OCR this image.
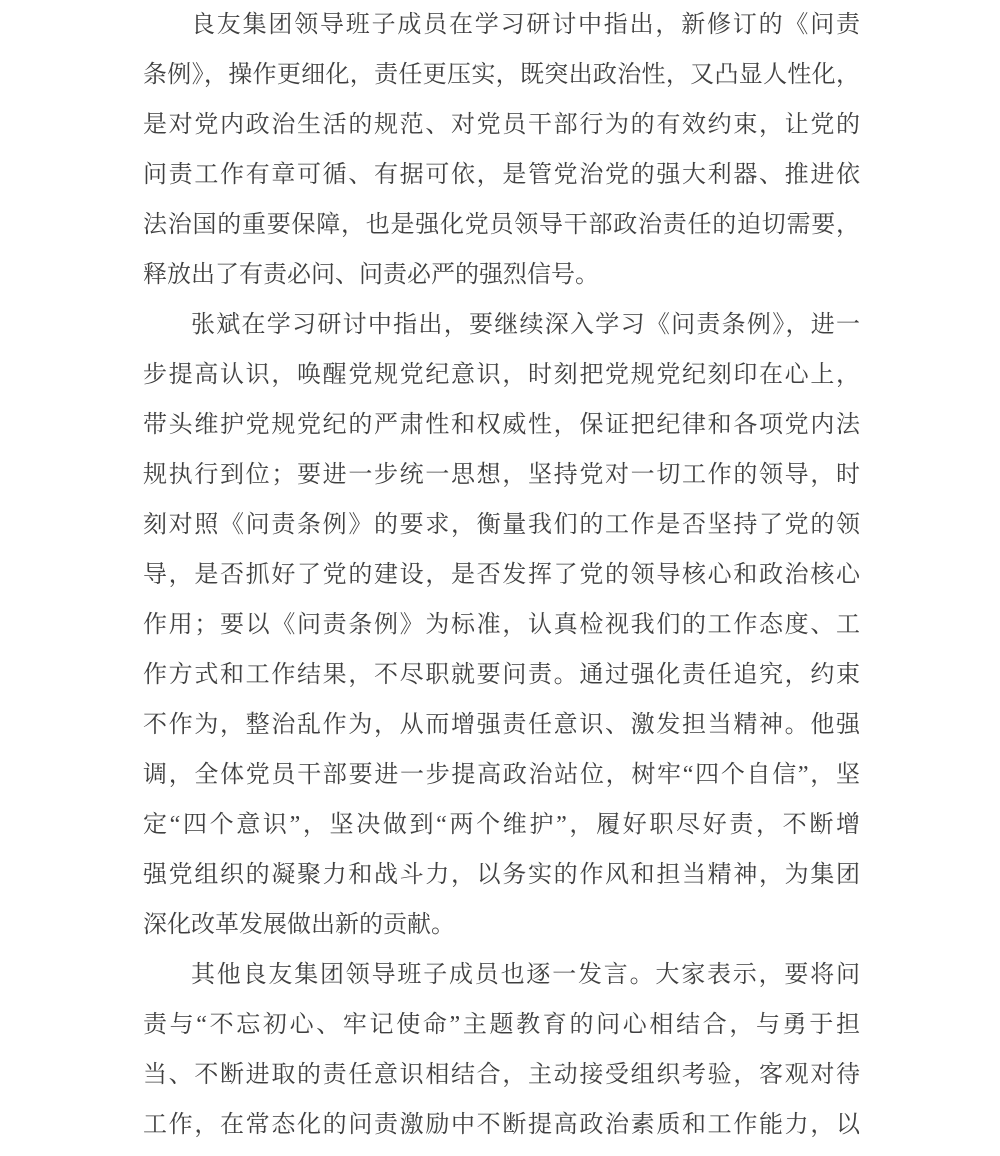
良友集团领导班子成员在学习研讨中指出，新修订的《问责
条例》，操作更细化，责任更压实，既突出政治性，又凸显人性化，
是对党内政治生活的规范、对党员干部行为的有效约束，让党的
问责工作有章可循、有据可依，是管党治党的强大利器、推进依
法治国的重要保障，也是强化党员领导干部政治责任的迫切需要，
释放出了有责必问、问责必严的强烈信号。
张斌在学习研讨中指出，要继续深入学习《问责条例》，进一
步提高认识，唤醒党规党纪意识，时刻把党规党纪刻印在心上，
带头维护党规党纪的严肃性和权威性，保证把纪律和各项党内法
规执行到位；要进一步统一思想，坚持党对一切工作的领导，时
刻对照《问责条例》的要求，衡量我们的工作是否坚持了党的领
导，是否抓好了党的建设，是否发挥了党的领导核心和政治核心
作用；要以《问责条例》为标准，认真检视我们的工作态度、工
作方式和工作结果，不尽职就要问责。通过强化责任追究，约束
不作为，整治乱作为，从而增强责任意识、激发担当精神。他强
调，全体党员干部要进一步提高政治站位，树牢“四个自信”，坚
定“四个意识”，坚决做到“两个维护”，履好职尽好责，不断增
强党组织的凝聚力和战斗力，以务实的作风和担当精神，为集团
深化改革发展做出新的贡献。
其他良友集团领导班子成员也逐一发言。大家表示，要将问
责与“不忘初心、牢记使命”主题教育的问心相结合，与勇于担
当、不断进取的责任意识相结合，主动接受组织考验，客观对待
工作，在常态化的问责激励中不断提高政治素质和工作能力，以
